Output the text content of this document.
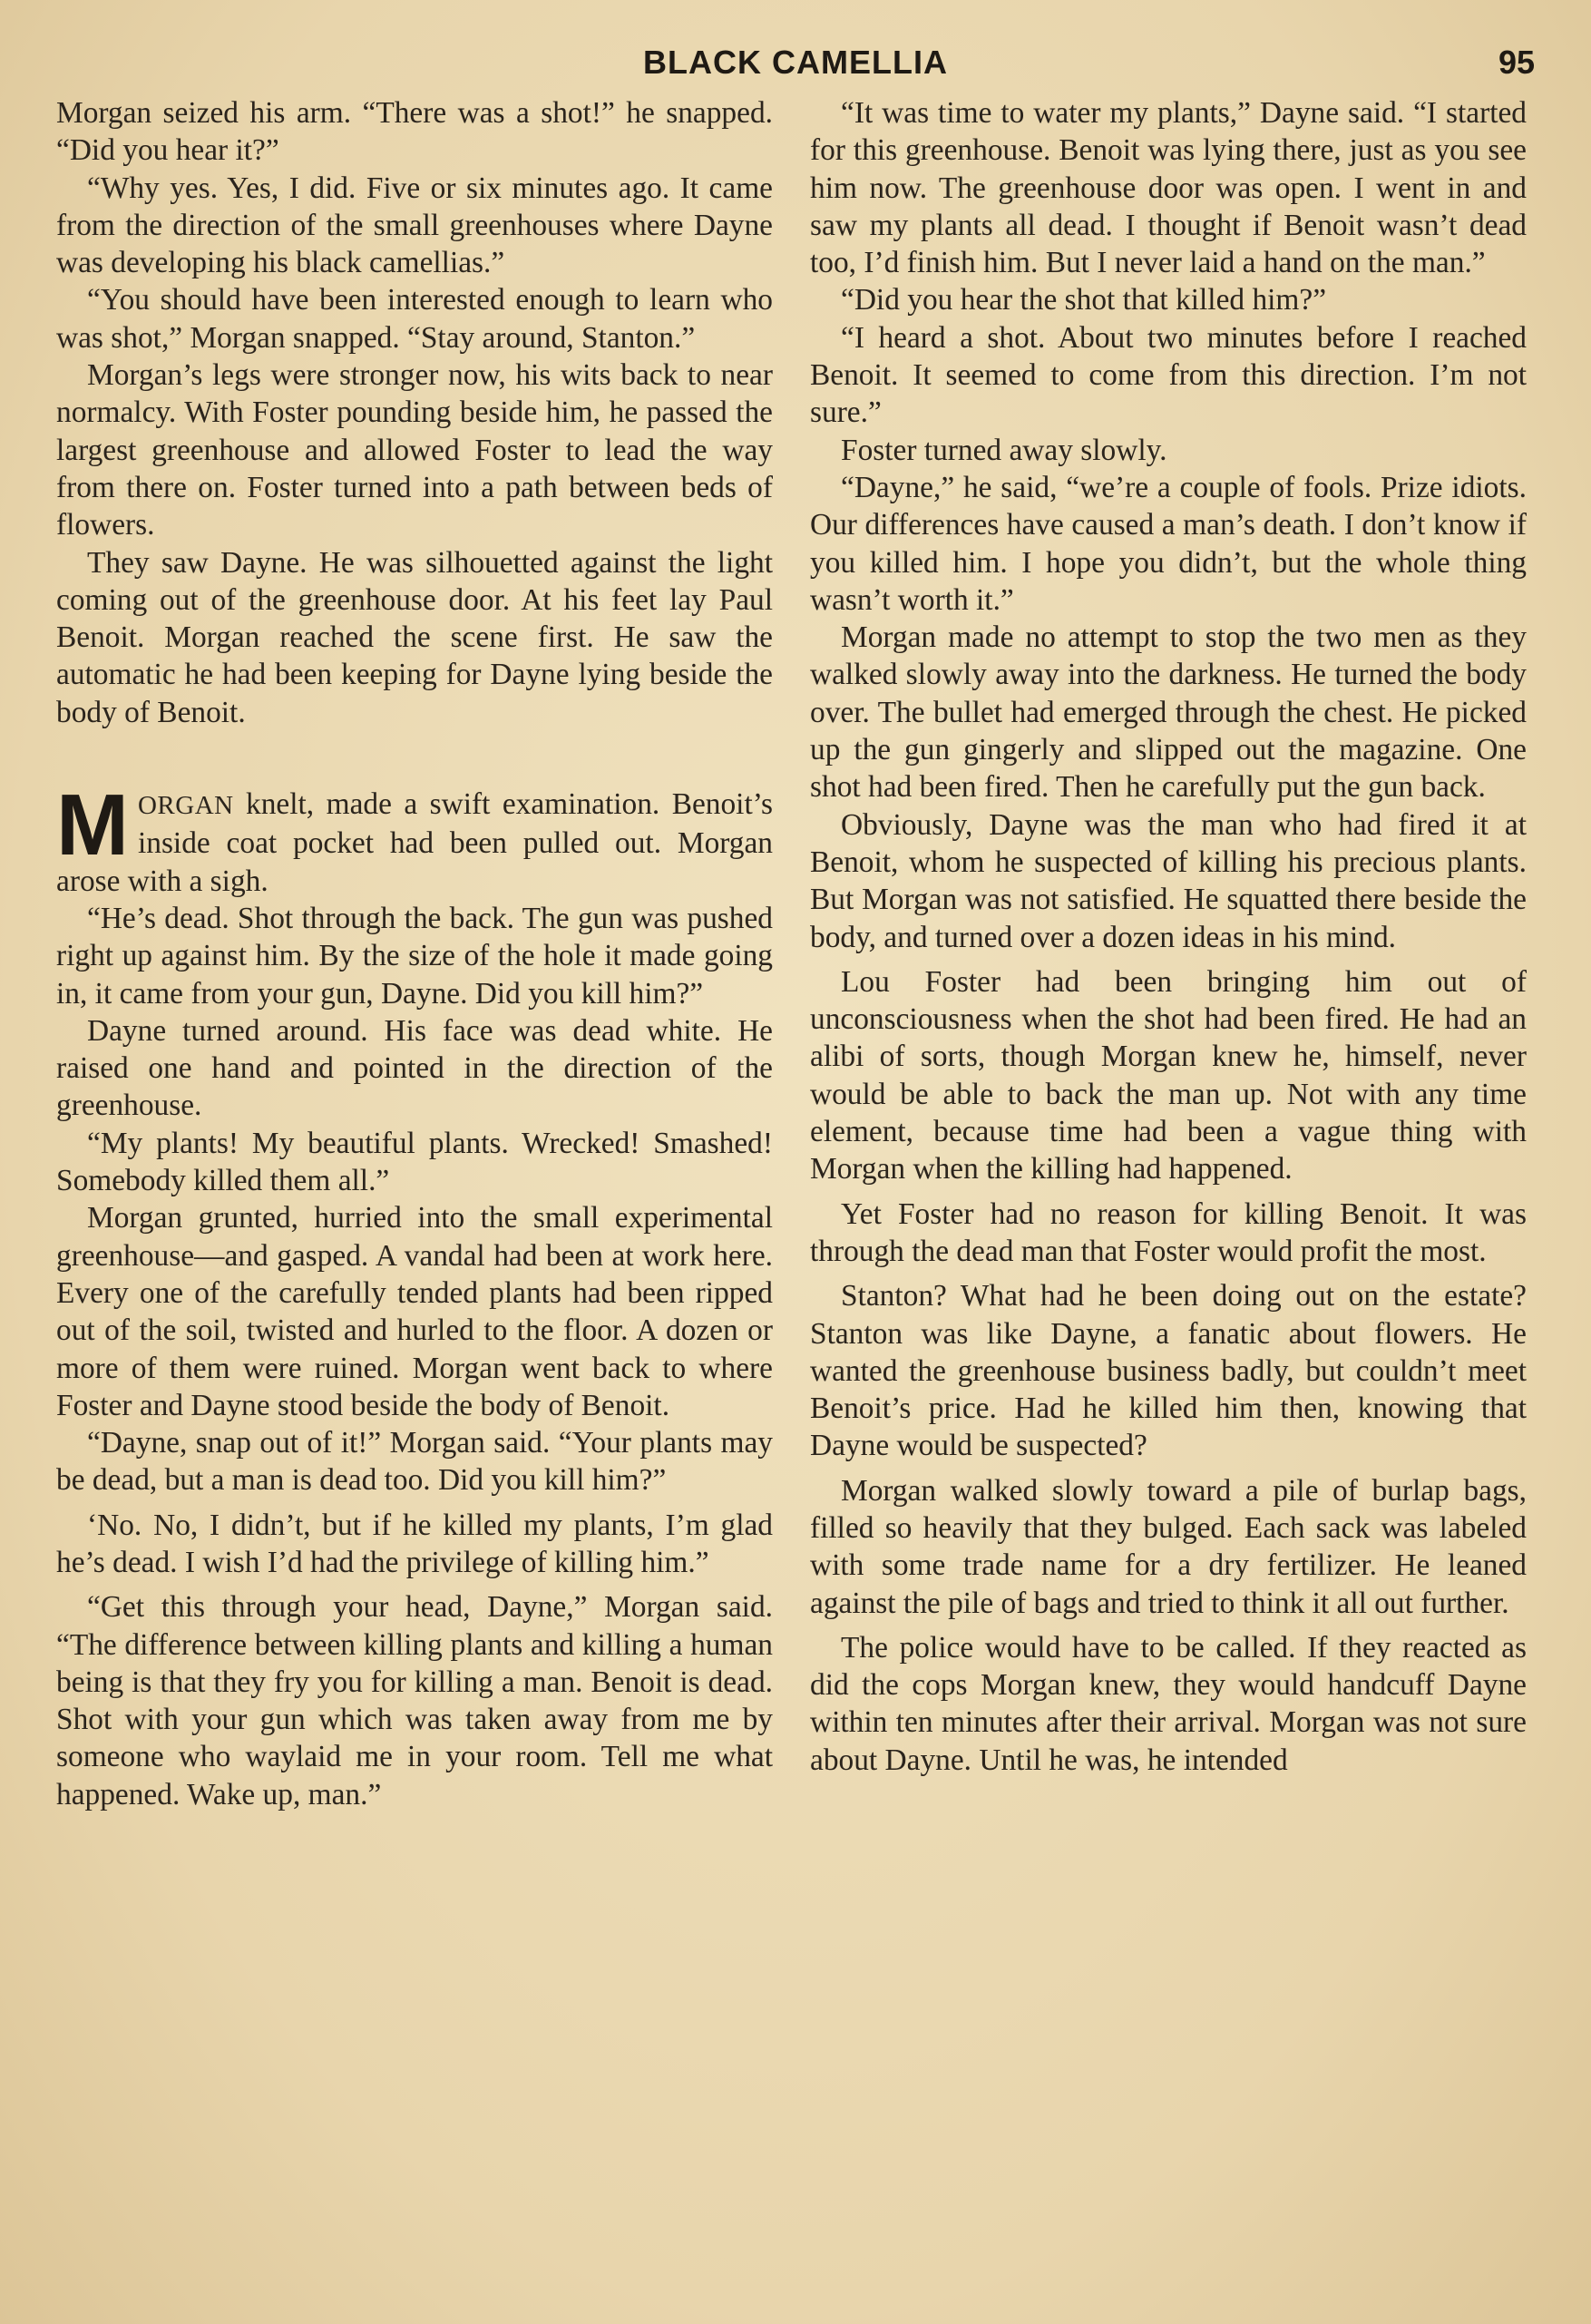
BLACK CAMELLIA	95

Morgan seized his arm. “There was a shot!” he snapped. “Did you hear it?”

“Why yes. Yes, I did. Five or six minutes ago. It came from the direction of the small greenhouses where Dayne was developing his black camellias.”

“You should have been interested enough to learn who was shot,” Morgan snapped. “Stay around, Stanton.”

Morgan’s legs were stronger now, his wits back to near normalcy. With Foster pounding beside him, he passed the largest greenhouse and allowed Foster to lead the way from there on. Foster turned into a path between beds of flowers.

They saw Dayne. He was silhouetted against the light coming out of the greenhouse door. At his feet lay Paul Benoit. Morgan reached the scene first. He saw the automatic he had been keeping for Dayne lying beside the body of Benoit.

MORGAN knelt, made a swift examination. Benoit’s inside coat pocket had been pulled out. Morgan arose with a sigh.

“He’s dead. Shot through the back. The gun was pushed right up against him. By the size of the hole it made going in, it came from your gun, Dayne. Did you kill him?”

Dayne turned around. His face was dead white. He raised one hand and pointed in the direction of the greenhouse.

“My plants! My beautiful plants. Wrecked! Smashed! Somebody killed them all.”

Morgan grunted, hurried into the small experimental greenhouse—and gasped. A vandal had been at work here. Every one of the carefully tended plants had been ripped out of the soil, twisted and hurled to the floor. A dozen or more of them were ruined. Morgan went back to where Foster and Dayne stood beside the body of Benoit.

“Dayne, snap out of it!” Morgan said. “Your plants may be dead, but a man is dead too. Did you kill him?”

‘No. No, I didn’t, but if he killed my plants, I’m glad he’s dead. I wish I’d had the privilege of killing him.”

“Get this through your head, Dayne,” Morgan said. “The difference between killing plants and killing a human being is that they fry you for killing a man. Benoit is dead. Shot with your gun which was taken away from me by someone who waylaid me in your room. Tell me what happened. Wake up, man.”

“It was time to water my plants,” Dayne said. “I started for this greenhouse. Benoit was lying there, just as you see him now. The greenhouse door was open. I went in and saw my plants all dead. I thought if Benoit wasn’t dead too, I’d finish him. But I never laid a hand on the man.”

“Did you hear the shot that killed him?”

“I heard a shot. About two minutes before I reached Benoit. It seemed to come from this direction. I’m not sure.”

Foster turned away slowly.

“Dayne,” he said, “we’re a couple of fools. Prize idiots. Our differences have caused a man’s death. I don’t know if you killed him. I hope you didn’t, but the whole thing wasn’t worth it.”

Morgan made no attempt to stop the two men as they walked slowly away into the darkness. He turned the body over. The bullet had emerged through the chest. He picked up the gun gingerly and slipped out the magazine. One shot had been fired. Then he carefully put the gun back.

Obviously, Dayne was the man who had fired it at Benoit, whom he suspected of killing his precious plants. But Morgan was not satisfied. He squatted there beside the body, and turned over a dozen ideas in his mind.

Lou Foster had been bringing him out of unconsciousness when the shot had been fired. He had an alibi of sorts, though Morgan knew he, himself, never would be able to back the man up. Not with any time element, because time had been a vague thing with Morgan when the killing had happened.

Yet Foster had no reason for killing Benoit. It was through the dead man that Foster would profit the most.

Stanton? What had he been doing out on the estate? Stanton was like Dayne, a fanatic about flowers. He wanted the greenhouse business badly, but couldn’t meet Benoit’s price. Had he killed him then, knowing that Dayne would be suspected?

Morgan walked slowly toward a pile of burlap bags, filled so heavily that they bulged. Each sack was labeled with some trade name for a dry fertilizer. He leaned against the pile of bags and tried to think it all out further.

The police would have to be called. If they reacted as did the cops Morgan knew, they would handcuff Dayne within ten minutes after their arrival. Morgan was not sure about Dayne. Until he was, he intended
